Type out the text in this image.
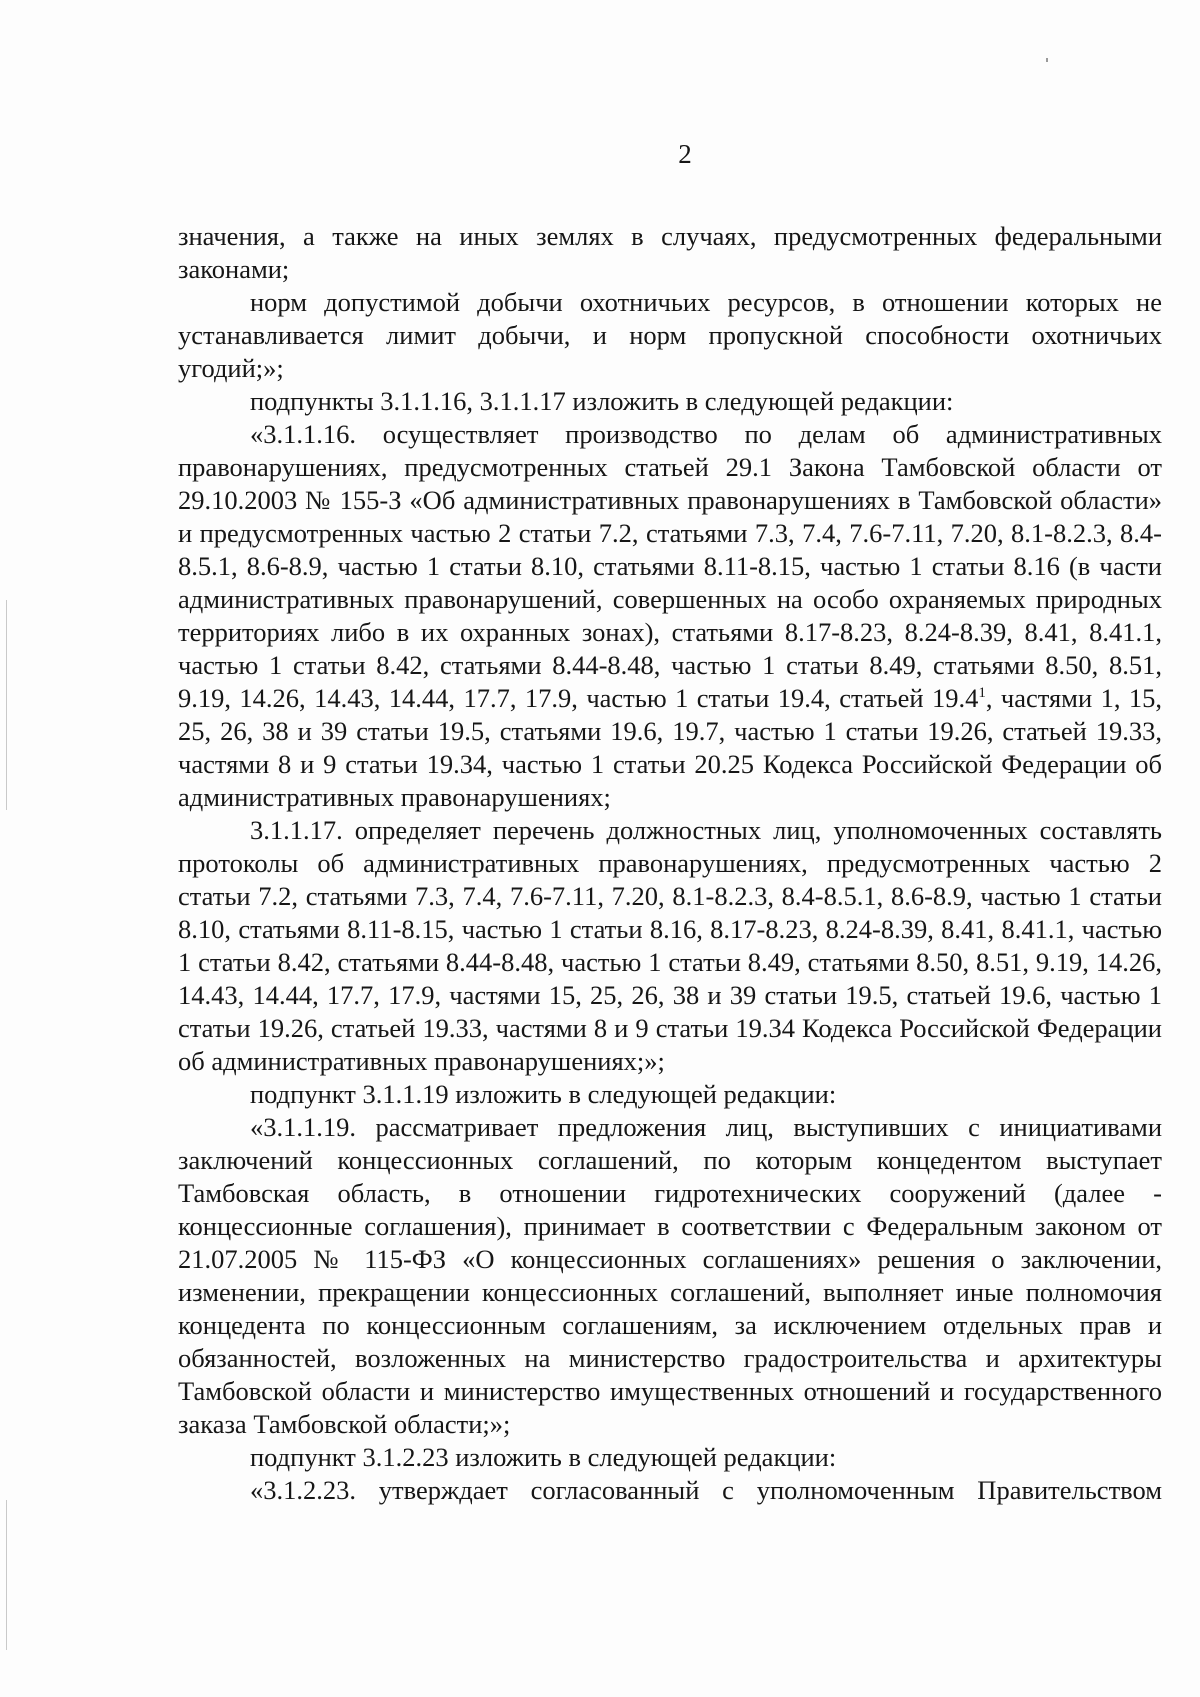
2

значения, а также на иных землях в случаях, предусмотренных федеральными законами;

норм допустимой добычи охотничьих ресурсов, в отношении которых не устанавливается лимит добычи, и норм пропускной способности охотничьих угодий;»;

подпункты 3.1.1.16, 3.1.1.17 изложить в следующей редакции:

«3.1.1.16. осуществляет производство по делам об административных правонарушениях, предусмотренных статьей 29.1 Закона Тамбовской области от 29.10.2003 № 155-З «Об административных правонарушениях в Тамбовской области» и предусмотренных частью 2 статьи 7.2, статьями 7.3, 7.4, 7.6-7.11, 7.20, 8.1-8.2.3, 8.4-8.5.1, 8.6-8.9, частью 1 статьи 8.10, статьями 8.11-8.15, частью 1 статьи 8.16 (в части административных правонарушений, совершенных на особо охраняемых природных территориях либо в их охранных зонах), статьями 8.17-8.23, 8.24-8.39, 8.41, 8.41.1, частью 1 статьи 8.42, статьями 8.44-8.48, частью 1 статьи 8.49, статьями 8.50, 8.51, 9.19, 14.26, 14.43, 14.44, 17.7, 17.9, частью 1 статьи 19.4, статьей 19.4$^1$, частями 1, 15, 25, 26, 38 и 39 статьи 19.5, статьями 19.6, 19.7, частью 1 статьи 19.26, статьей 19.33, частями 8 и 9 статьи 19.34, частью 1 статьи 20.25 Кодекса Российской Федерации об административных правонарушениях;

3.1.1.17. определяет перечень должностных лиц, уполномоченных составлять протоколы об административных правонарушениях, предусмотренных частью 2 статьи 7.2, статьями 7.3, 7.4, 7.6-7.11, 7.20, 8.1-8.2.3, 8.4-8.5.1, 8.6-8.9, частью 1 статьи 8.10, статьями 8.11-8.15, частью 1 статьи 8.16, 8.17-8.23, 8.24-8.39, 8.41, 8.41.1, частью 1 статьи 8.42, статьями 8.44-8.48, частью 1 статьи 8.49, статьями 8.50, 8.51, 9.19, 14.26, 14.43, 14.44, 17.7, 17.9, частями 15, 25, 26, 38 и 39 статьи 19.5, статьей 19.6, частью 1 статьи 19.26, статьей 19.33, частями 8 и 9 статьи 19.34 Кодекса Российской Федерации об административных правонарушениях;»;

подпункт 3.1.1.19 изложить в следующей редакции:

«3.1.1.19. рассматривает предложения лиц, выступивших с инициативами заключений концессионных соглашений, по которым концедентом выступает Тамбовская область, в отношении гидротехнических сооружений (далее - концессионные соглашения), принимает в соответствии с Федеральным законом от 21.07.2005 № 115-ФЗ «О концессионных соглашениях» решения о заключении, изменении, прекращении концессионных соглашений, выполняет иные полномочия концедента по концессионным соглашениям, за исключением отдельных прав и обязанностей, возложенных на министерство градостроительства и архитектуры Тамбовской области и министерство имущественных отношений и государственного заказа Тамбовской области;»;

подпункт 3.1.2.23 изложить в следующей редакции:

«3.1.2.23. утверждает согласованный с уполномоченным Правительством
